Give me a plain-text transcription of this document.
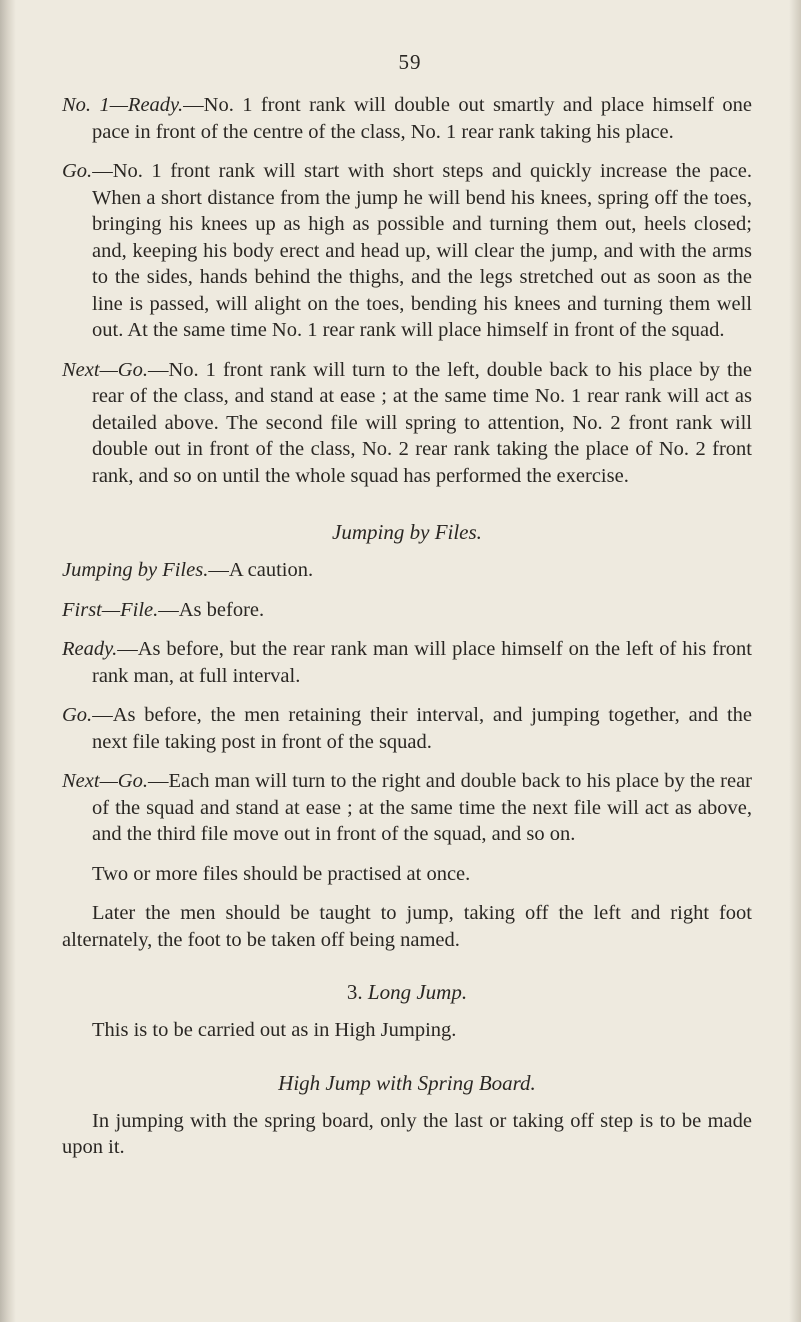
59

No. 1—Ready.—No. 1 front rank will double out smartly and place himself one pace in front of the centre of the class, No. 1 rear rank taking his place.

Go.—No. 1 front rank will start with short steps and quickly increase the pace. When a short distance from the jump he will bend his knees, spring off the toes, bringing his knees up as high as possible and turning them out, heels closed; and, keeping his body erect and head up, will clear the jump, and with the arms to the sides, hands behind the thighs, and the legs stretched out as soon as the line is passed, will alight on the toes, bending his knees and turning them well out. At the same time No. 1 rear rank will place himself in front of the squad.

Next—Go.—No. 1 front rank will turn to the left, double back to his place by the rear of the class, and stand at ease ; at the same time No. 1 rear rank will act as detailed above. The second file will spring to attention, No. 2 front rank will double out in front of the class, No. 2 rear rank taking the place of No. 2 front rank, and so on until the whole squad has performed the exercise.

Jumping by Files.

Jumping by Files.—A caution.

First—File.—As before.

Ready.—As before, but the rear rank man will place himself on the left of his front rank man, at full interval.

Go.—As before, the men retaining their interval, and jumping together, and the next file taking post in front of the squad.

Next—Go.—Each man will turn to the right and double back to his place by the rear of the squad and stand at ease ; at the same time the next file will act as above, and the third file move out in front of the squad, and so on.

Two or more files should be practised at once.

Later the men should be taught to jump, taking off the left and right foot alternately, the foot to be taken off being named.

3. Long Jump.

This is to be carried out as in High Jumping.

High Jump with Spring Board.

In jumping with the spring board, only the last or taking off step is to be made upon it.
